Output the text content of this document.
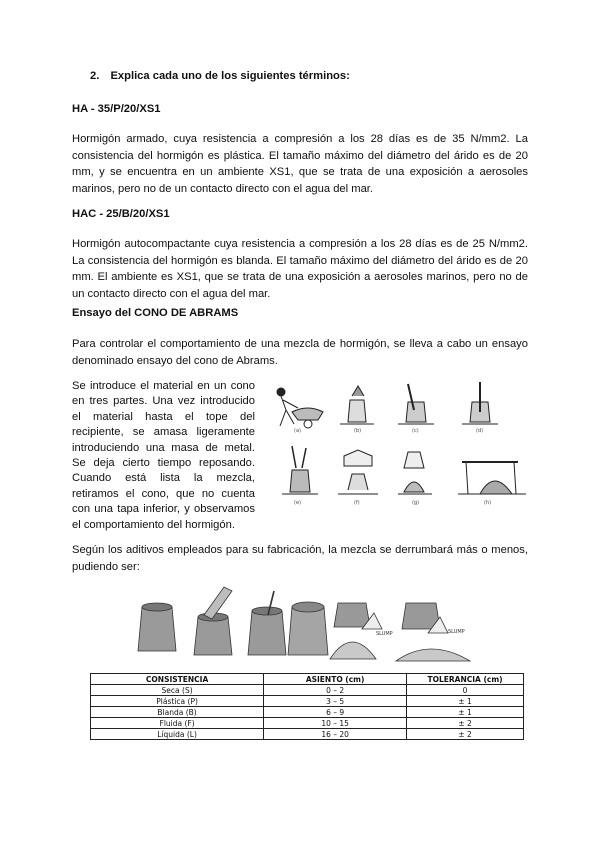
2. Explica cada uno de los siguientes términos:
HA - 35/P/20/XS1
Hormigón armado, cuya resistencia a compresión a los 28 días es de 35 N/mm2. La consistencia del hormigón es plástica. El tamaño máximo del diámetro del árido es de 20 mm, y se encuentra en un ambiente XS1, que se trata de una exposición a aerosoles marinos, pero no de un contacto directo con el agua del mar.
HAC - 25/B/20/XS1
Hormigón autocompactante cuya resistencia a compresión a los 28 días es de 25 N/mm2. La consistencia del hormigón es blanda. El tamaño máximo del diámetro del árido es de 20 mm. El ambiente es XS1, que se trata de una exposición a aerosoles marinos, pero no de un contacto directo con el agua del mar.
Ensayo del CONO DE ABRAMS
Para controlar el comportamiento de una mezcla de hormigón, se lleva a cabo un ensayo denominado ensayo del cono de Abrams.
Se introduce el material en un cono en tres partes. Una vez introducido el material hasta el tope del recipiente, se amasa ligeramente introduciendo una masa de metal. Se deja cierto tiempo reposando. Cuando está lista la mezcla, retiramos el cono, que no cuenta con una tapa inferior, y observamos el comportamiento del hormigón.
(a)	(b)	(c)	(d)
(e)	(f)	(g)	(h)
Según los aditivos empleados para su fabricación, la mezcla se derrumbará más o menos, pudiendo ser:
SLUMP	SLUMP
CONSISTENCIA	ASIENTO (cm)	TOLERANCIA (cm)
Seca (S)	0 – 2	0
Plástica (P)	3 – 5	± 1
Blanda (B)	6 – 9	± 1
Fluida (F)	10 – 15	± 2
Líquida (L)	16 – 20	± 2
